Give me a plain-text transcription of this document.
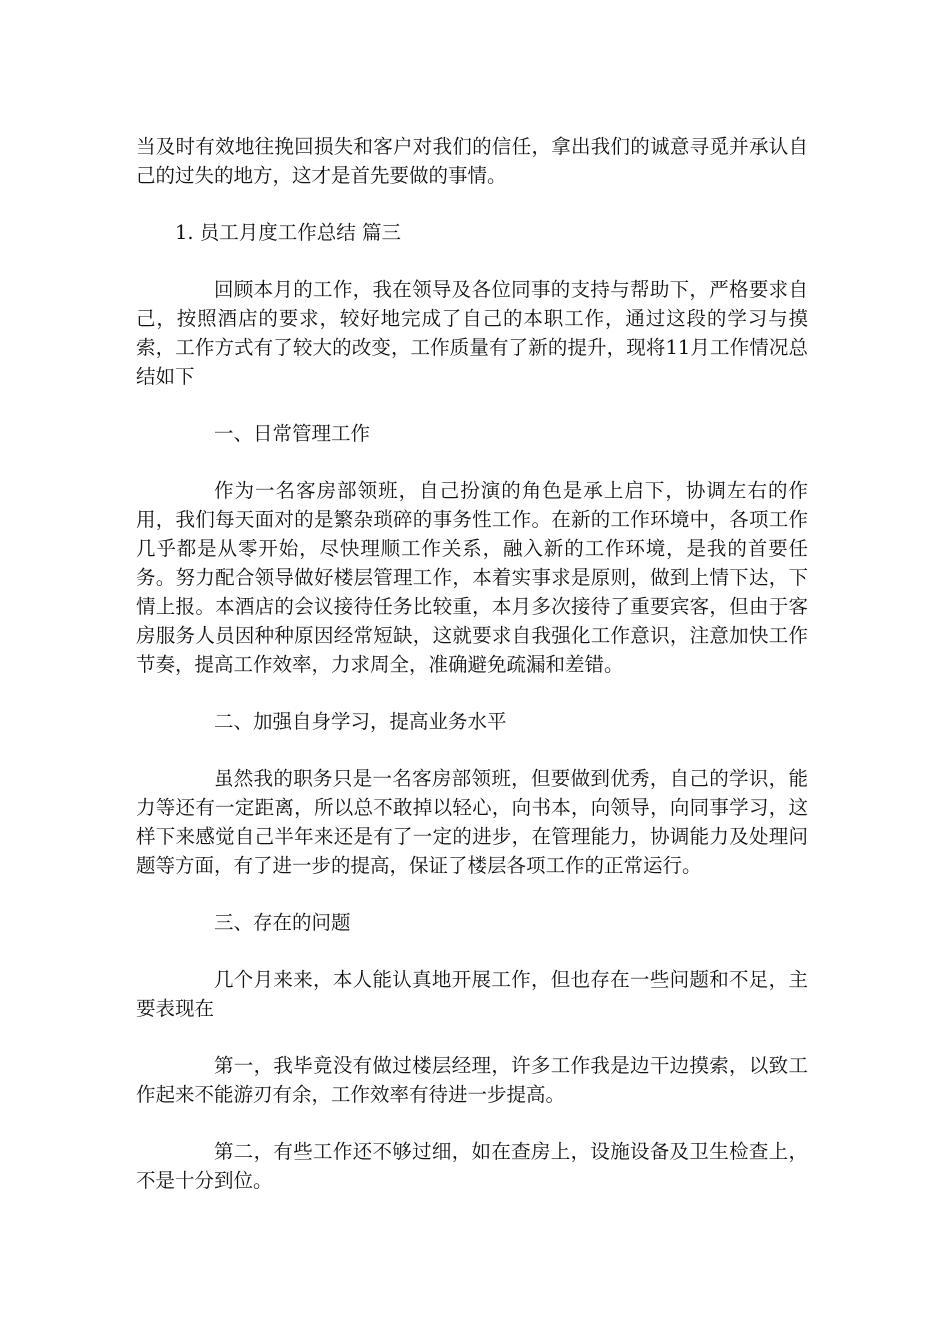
当及时有效地往挽回损失和客户对我们的信任，拿出我们的诚意寻觅并承认自己的过失的地方，这才是首先要做的事情。

1. 员工月度工作总结 篇三

回顾本月的工作，我在领导及各位同事的支持与帮助下，严格要求自己，按照酒店的要求，较好地完成了自己的本职工作，通过这段的学习与摸索，工作方式有了较大的改变，工作质量有了新的提升，现将11月工作情况总结如下

一、日常管理工作

作为一名客房部领班，自己扮演的角色是承上启下，协调左右的作用，我们每天面对的是繁杂琐碎的事务性工作。在新的工作环境中，各项工作几乎都是从零开始，尽快理顺工作关系，融入新的工作环境，是我的首要任务。努力配合领导做好楼层管理工作，本着实事求是原则，做到上情下达，下情上报。本酒店的会议接待任务比较重，本月多次接待了重要宾客，但由于客房服务人员因种种原因经常短缺，这就要求自我强化工作意识，注意加快工作节奏，提高工作效率，力求周全，准确避免疏漏和差错。

二、加强自身学习，提高业务水平

虽然我的职务只是一名客房部领班，但要做到优秀，自己的学识，能力等还有一定距离，所以总不敢掉以轻心，向书本，向领导，向同事学习，这样下来感觉自己半年来还是有了一定的进步，在管理能力，协调能力及处理问题等方面，有了进一步的提高，保证了楼层各项工作的正常运行。

三、存在的问题

几个月来来，本人能认真地开展工作，但也存在一些问题和不足，主要表现在

第一，我毕竟没有做过楼层经理，许多工作我是边干边摸索，以致工作起来不能游刃有余，工作效率有待进一步提高。

第二，有些工作还不够过细，如在查房上，设施设备及卫生检查上，不是十分到位。
